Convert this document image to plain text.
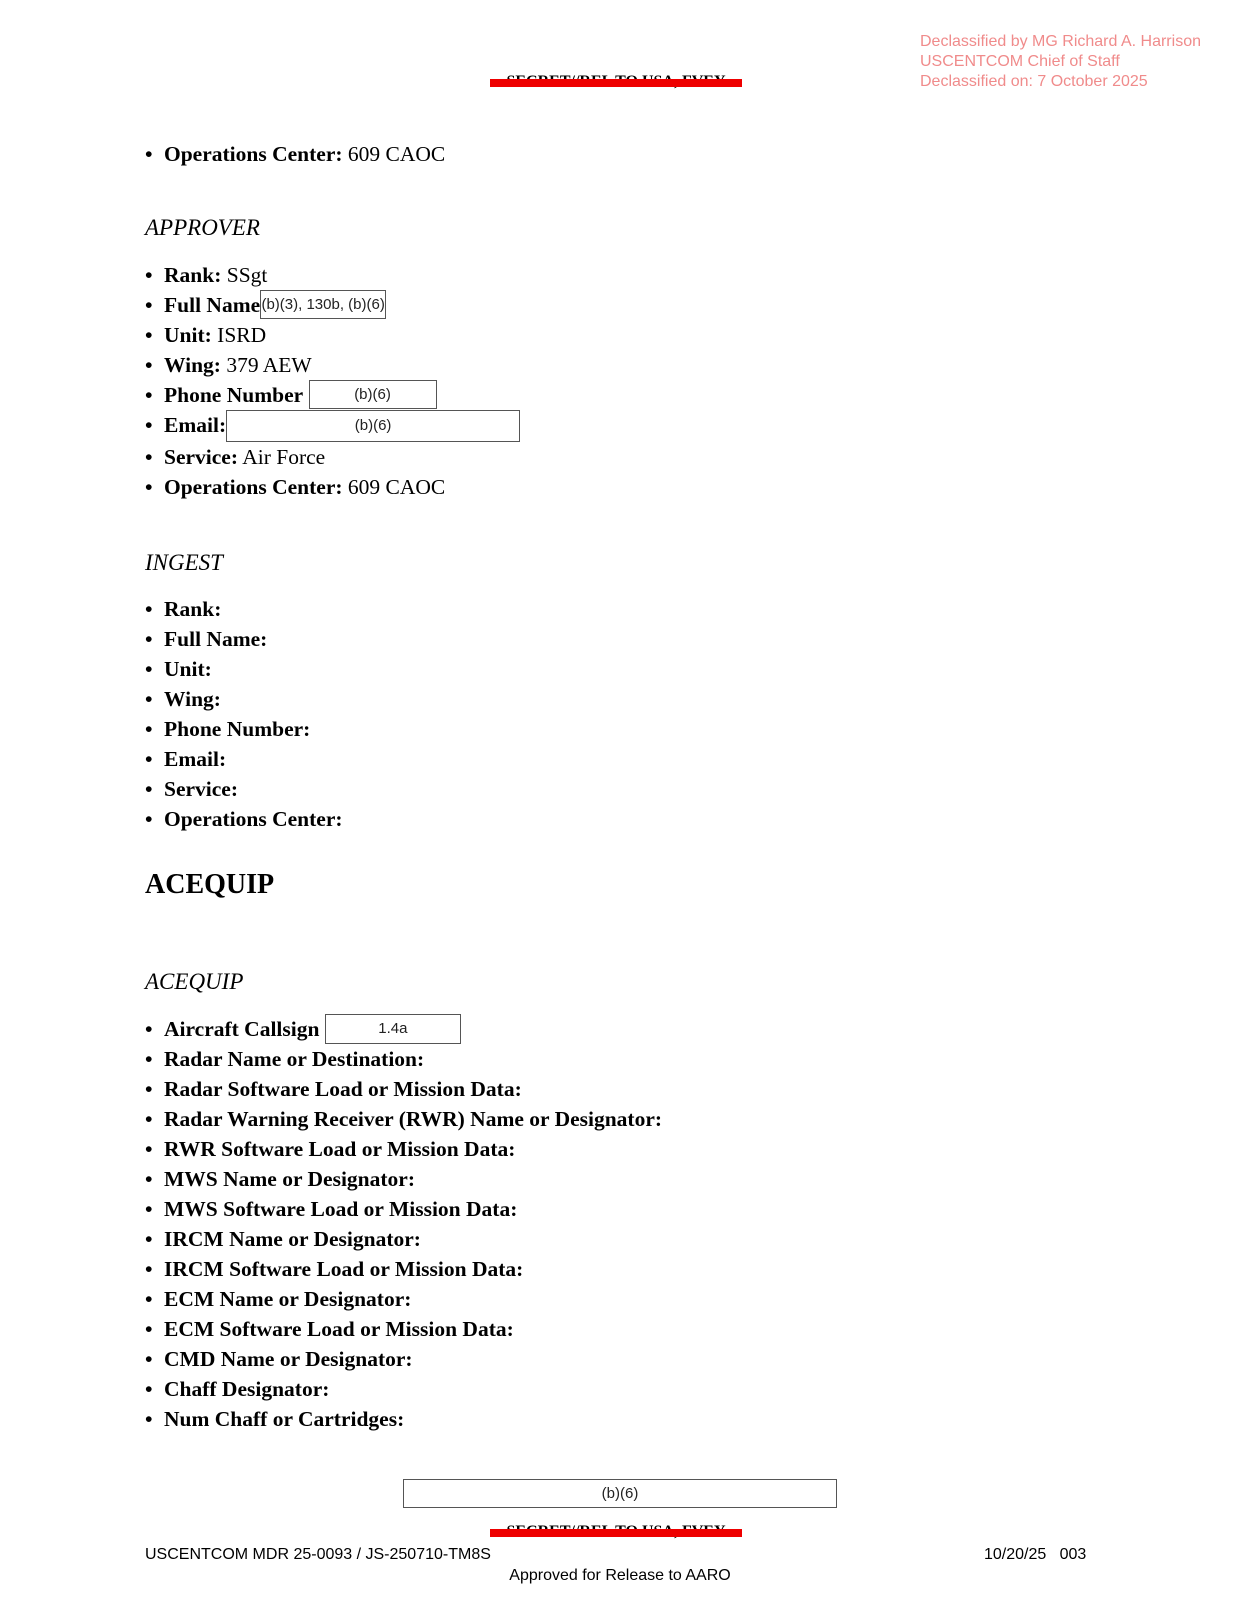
Declassified by MG Richard A. Harrison
USCENTCOM Chief of Staff
Declassified on: 7 October 2025
• Operations Center: 609 CAOC
APPROVER
• Rank: SSgt
• Full Name(b)(3), 130b, (b)(6)
• Unit: ISRD
• Wing: 379 AEW
• Phone Number	(b)(6)
• Email:	(b)(6)
• Service: Air Force
• Operations Center: 609 CAOC
INGEST
• Rank:
• Full Name:
• Unit:
• Wing:
• Phone Number:
• Email:
• Service:
• Operations Center:
ACEQUIP
ACEQUIP
• Aircraft Callsign	1.4a
• Radar Name or Destination:
• Radar Software Load or Mission Data:
• Radar Warning Receiver (RWR) Name or Designator:
• RWR Software Load or Mission Data:
• MWS Name or Designator:
• MWS Software Load or Mission Data:
• IRCM Name or Designator:
• IRCM Software Load or Mission Data:
• ECM Name or Designator:
• ECM Software Load or Mission Data:
• CMD Name or Designator:
• Chaff Designator:
• Num Chaff or Cartridges:
(b)(6)
USCENTCOM MDR 25-0093 / JS-250710-TM8S	10/20/25   003
Approved for Release to AARO
